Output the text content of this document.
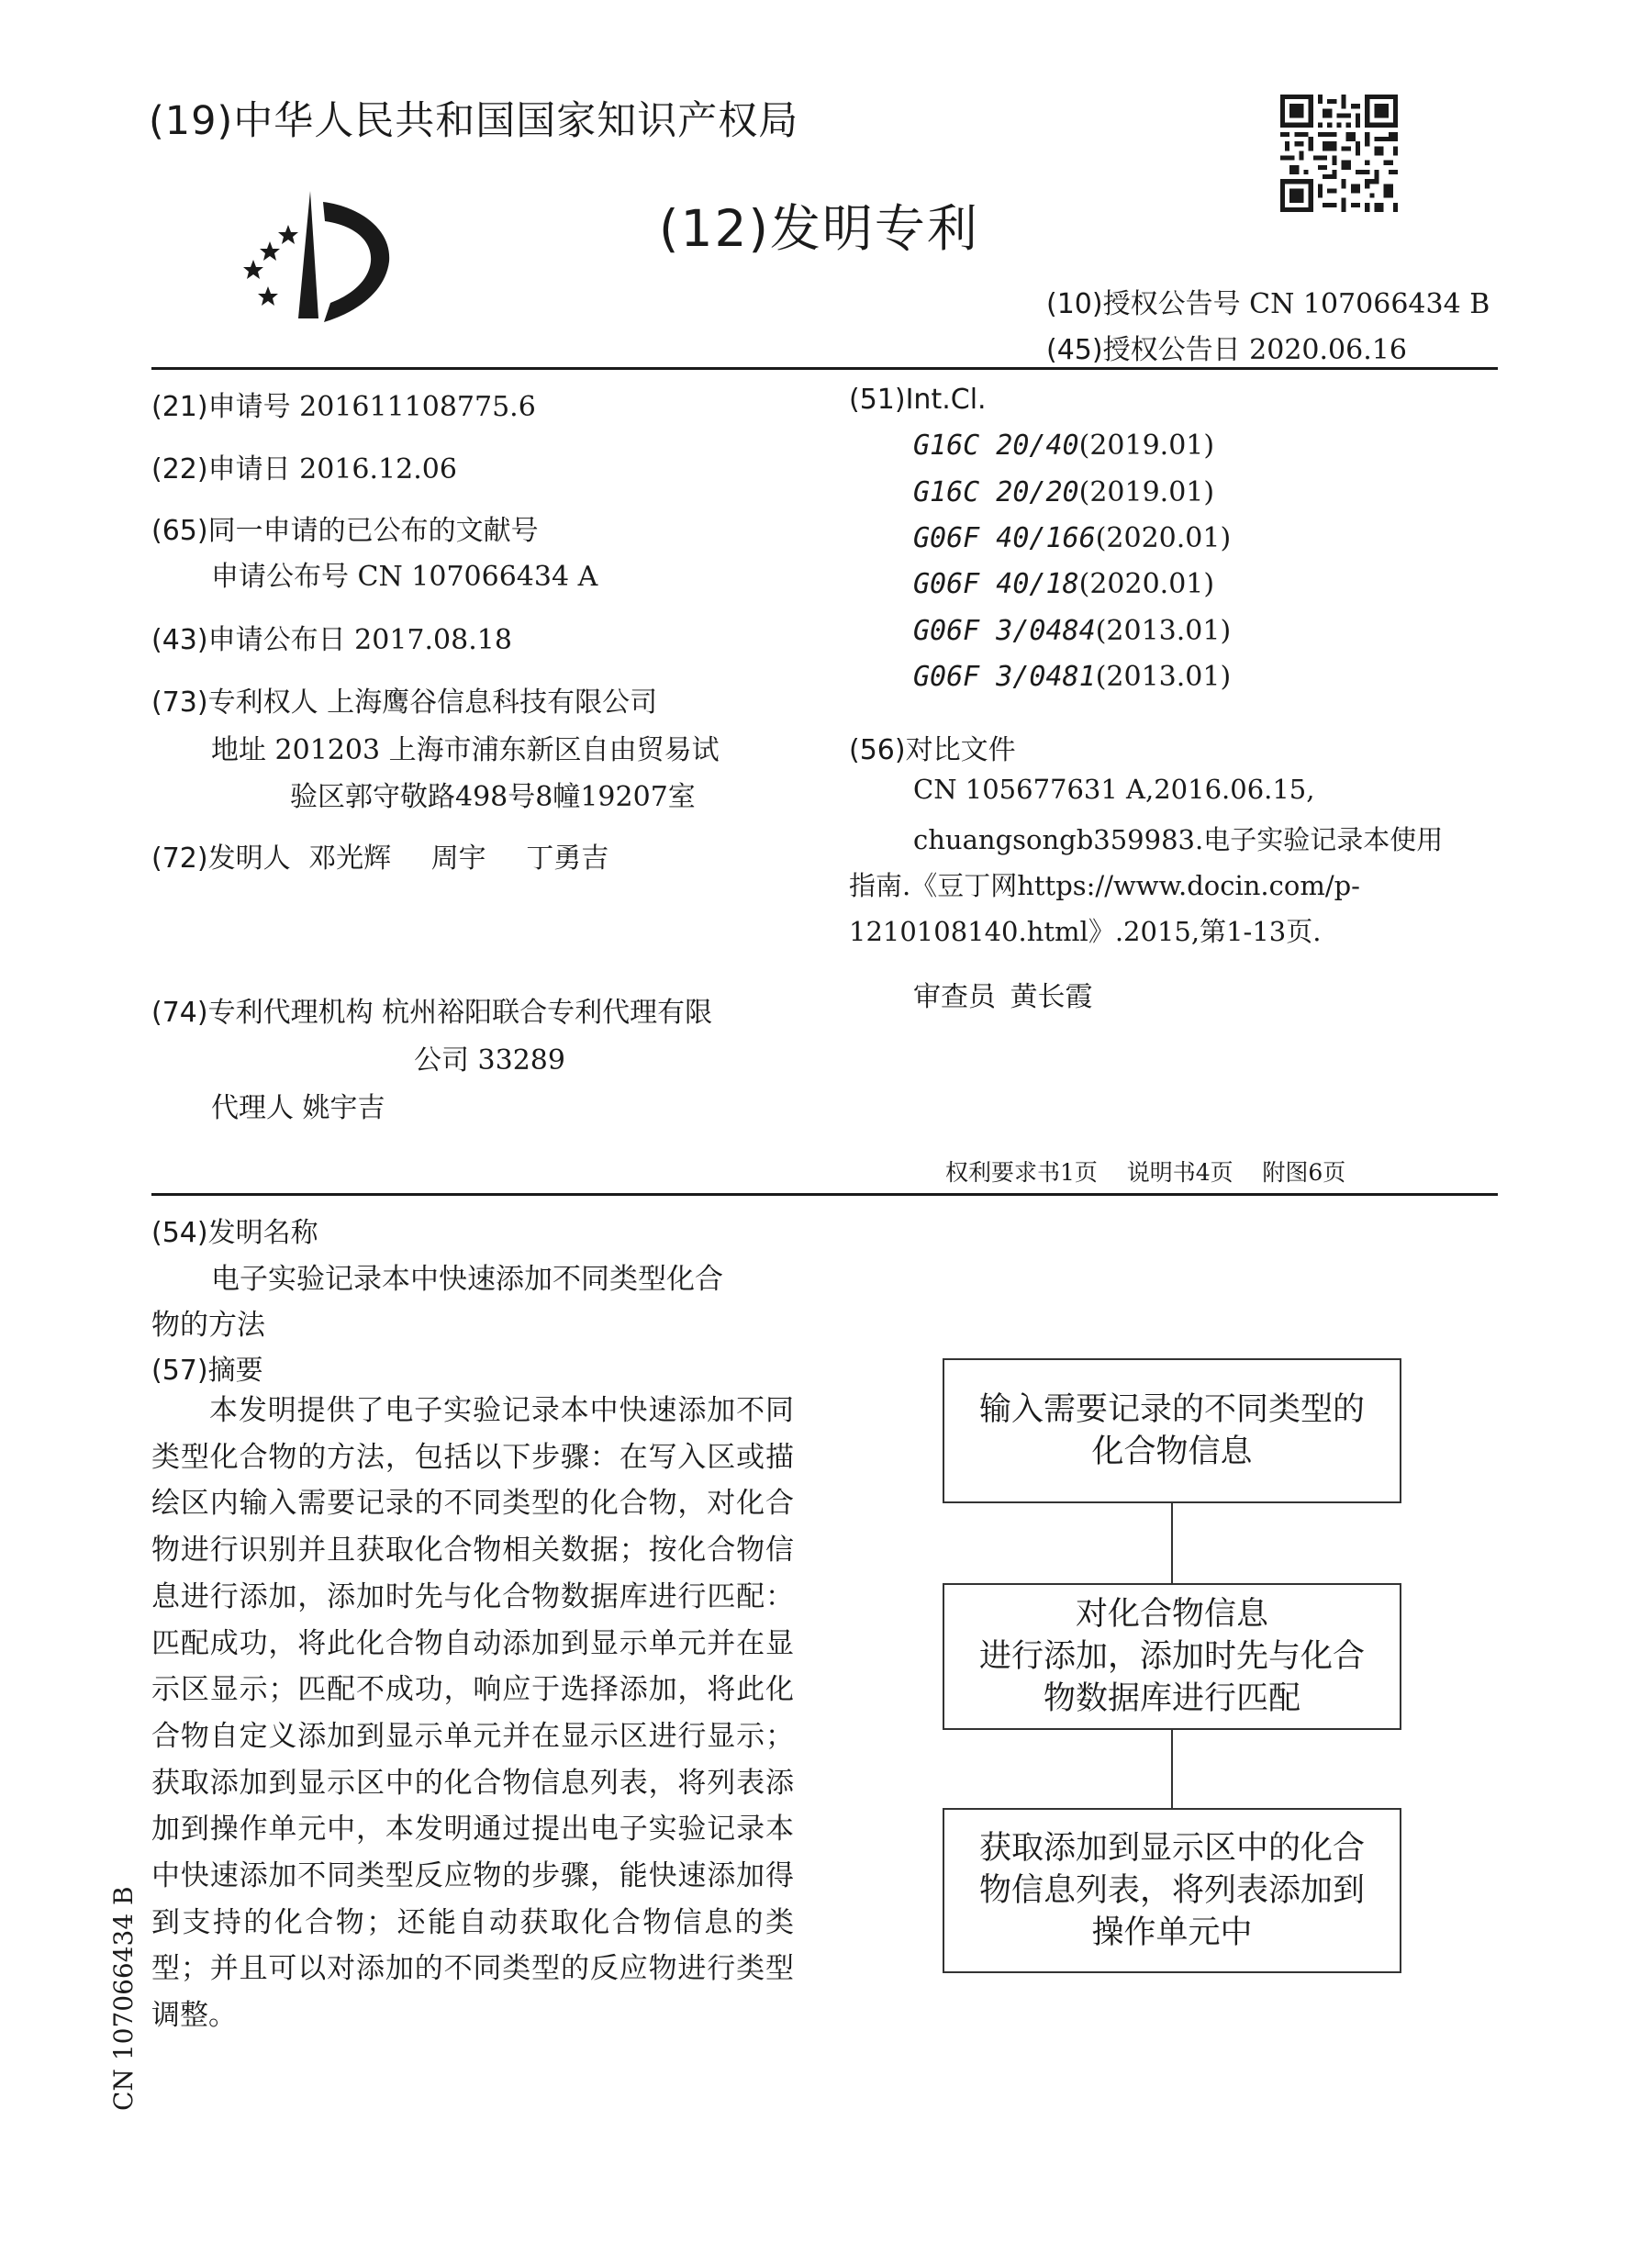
(19)中华人民共和国国家知识产权局
(12)发明专利
(10)授权公告号 CN 107066434 B
(45)授权公告日 2020.06.16
(21)申请号 201611108775.6
(22)申请日 2016.12.06
(65)同一申请的已公布的文献号
申请公布号 CN 107066434 A
(43)申请公布日 2017.08.18
(73)专利权人 上海鹰谷信息科技有限公司
地址 201203 上海市浦东新区自由贸易试
验区郭守敬路498号8幢19207室
(72)发明人 邓光辉 周宇 丁勇吉
(74)专利代理机构 杭州裕阳联合专利代理有限
公司 33289
代理人 姚宇吉
(51)Int.Cl.
G16C 20/40(2019.01)
G16C 20/20(2019.01)
G06F 40/166(2020.01)
G06F 40/18(2020.01)
G06F 3/0484(2013.01)
G06F 3/0481(2013.01)
(56)对比文件
CN 105677631 A,2016.06.15,
chuangsongb359983.电子实验记录本使用
指南.《豆丁网https://www.docin.com/p-
1210108140.html》.2015,第1-13页.
审查员 黄长霞
权利要求书1页    说明书4页    附图6页
(54)发明名称
电子实验记录本中快速添加不同类型化合
物的方法
(57)摘要
本发明提供了电子实验记录本中快速添加不同类型化合物的方法，包括以下步骤：在写入区或描绘区内输入需要记录的不同类型的化合物，对化合物进行识别并且获取化合物相关数据；按化合物信息进行添加，添加时先与化合物数据库进行匹配：匹配成功，将此化合物自动添加到显示单元并在显示区显示；匹配不成功，响应于选择添加，将此化合物自定义添加到显示单元并在显示区进行显示；获取添加到显示区中的化合物信息列表，将列表添加到操作单元中，本发明通过提出电子实验记录本中快速添加不同类型反应物的步骤，能快速添加得到支持的化合物；还能自动获取化合物信息的类型；并且可以对添加的不同类型的反应物进行类型调整。
输入需要记录的不同类型的
化合物信息
对化合物信息
进行添加，添加时先与化合
物数据库进行匹配
获取添加到显示区中的化合
物信息列表，将列表添加到
操作单元中
CN 107066434 B
